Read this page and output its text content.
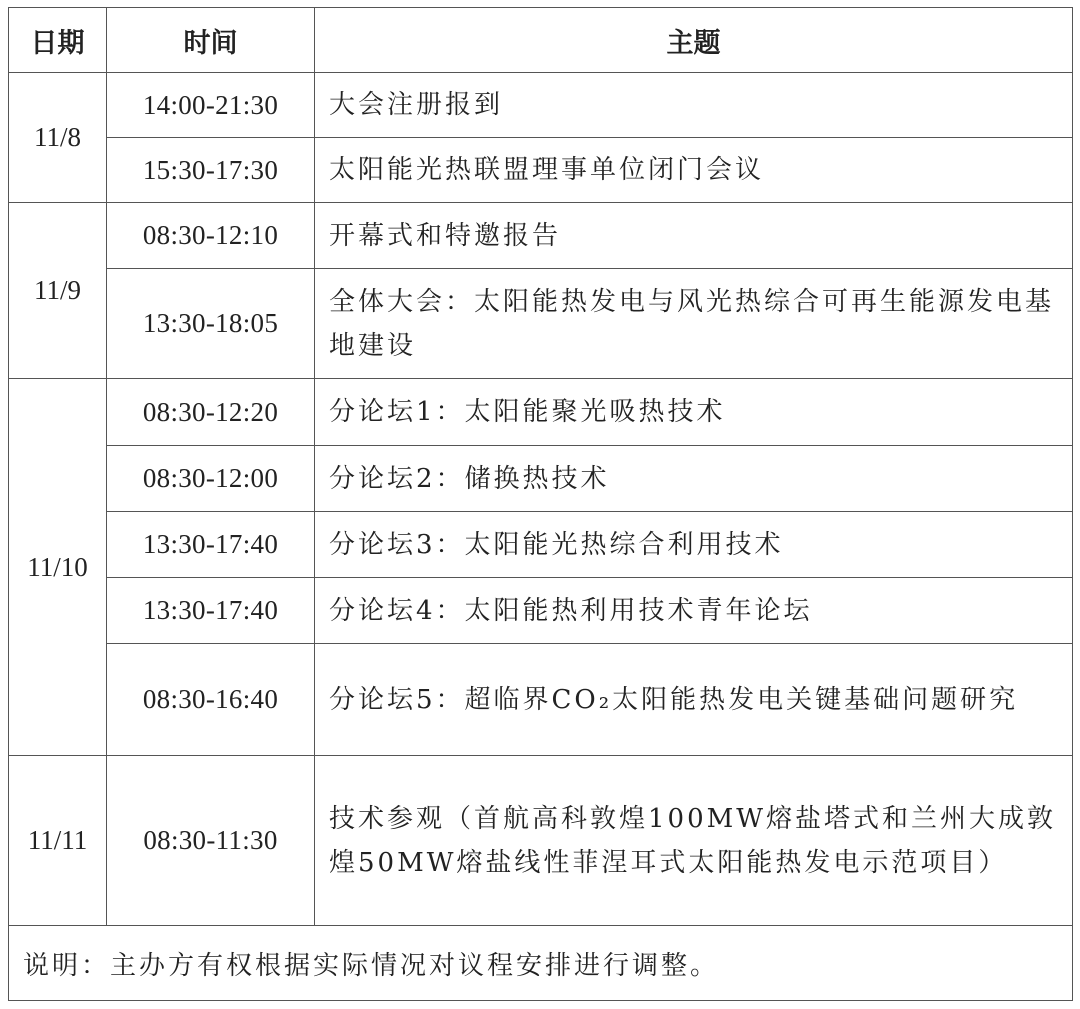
日期	时间	主题
11/8	14:00-21:30	大会注册报到
	15:30-17:30	太阳能光热联盟理事单位闭门会议
11/9	08:30-12:10	开幕式和特邀报告
	13:30-18:05	全体大会：太阳能热发电与风光热综合可再生能源发电基地建设
11/10	08:30-12:20	分论坛1：太阳能聚光吸热技术
	08:30-12:00	分论坛2：储换热技术
	13:30-17:40	分论坛3：太阳能光热综合利用技术
	13:30-17:40	分论坛4：太阳能热利用技术青年论坛
	08:30-16:40	分论坛5：超临界CO₂太阳能热发电关键基础问题研究
11/11	08:30-11:30	技术参观（首航高科敦煌100MW熔盐塔式和兰州大成敦煌50MW熔盐线性菲涅耳式太阳能热发电示范项目）
说明：主办方有权根据实际情况对议程安排进行调整。		
